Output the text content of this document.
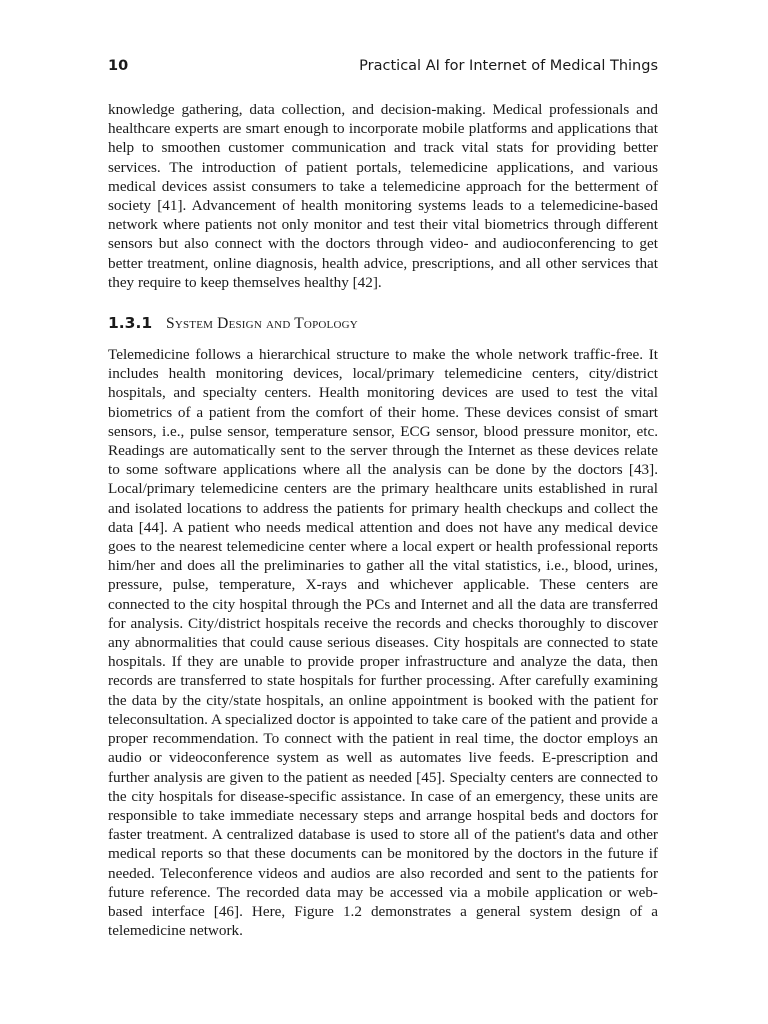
10	Practical AI for Internet of Medical Things

knowledge gathering, data collection, and decision-making. Medical professionals and healthcare experts are smart enough to incorporate mobile platforms and applications that help to smoothen customer communication and track vital stats for providing better services. The introduction of patient portals, telemedicine applications, and various medical devices assist consumers to take a telemedicine approach for the betterment of society [41]. Advancement of health monitoring systems leads to a telemedicine-based network where patients not only monitor and test their vital biometrics through different sensors but also connect with the doctors through video- and audioconferencing to get better treatment, online diagnosis, health advice, prescriptions, and all other services that they require to keep themselves healthy [42].

1.3.1 System Design and Topology

Telemedicine follows a hierarchical structure to make the whole network traffic-free. It includes health monitoring devices, local/primary telemedicine centers, city/district hospitals, and specialty centers. Health monitoring devices are used to test the vital biometrics of a patient from the comfort of their home. These devices consist of smart sensors, i.e., pulse sensor, temperature sensor, ECG sensor, blood pressure monitor, etc. Readings are automatically sent to the server through the Internet as these devices relate to some software applications where all the analysis can be done by the doctors [43]. Local/primary telemedicine centers are the primary healthcare units established in rural and isolated locations to address the patients for primary health checkups and collect the data [44]. A patient who needs medical attention and does not have any medical device goes to the nearest telemedicine center where a local expert or health professional reports him/her and does all the preliminaries to gather all the vital statistics, i.e., blood, urines, pressure, pulse, temperature, X-rays and whichever applicable. These centers are connected to the city hospital through the PCs and Internet and all the data are transferred for analysis. City/district hospitals receive the records and checks thoroughly to discover any abnormalities that could cause serious diseases. City hospitals are connected to state hospitals. If they are unable to provide proper infrastructure and analyze the data, then records are transferred to state hospitals for further processing. After carefully examining the data by the city/state hospitals, an online appointment is booked with the patient for teleconsultation. A specialized doctor is appointed to take care of the patient and provide a proper recommendation. To connect with the patient in real time, the doctor employs an audio or videoconference system as well as automates live feeds. E-prescription and further analysis are given to the patient as needed [45]. Specialty centers are connected to the city hospitals for disease-specific assistance. In case of an emergency, these units are responsible to take immediate necessary steps and arrange hospital beds and doctors for faster treatment. A centralized database is used to store all of the patient's data and other medical reports so that these documents can be monitored by the doctors in the future if needed. Teleconference videos and audios are also recorded and sent to the patients for future reference. The recorded data may be accessed via a mobile application or web-based interface [46]. Here, Figure 1.2 demonstrates a general system design of a telemedicine network.
